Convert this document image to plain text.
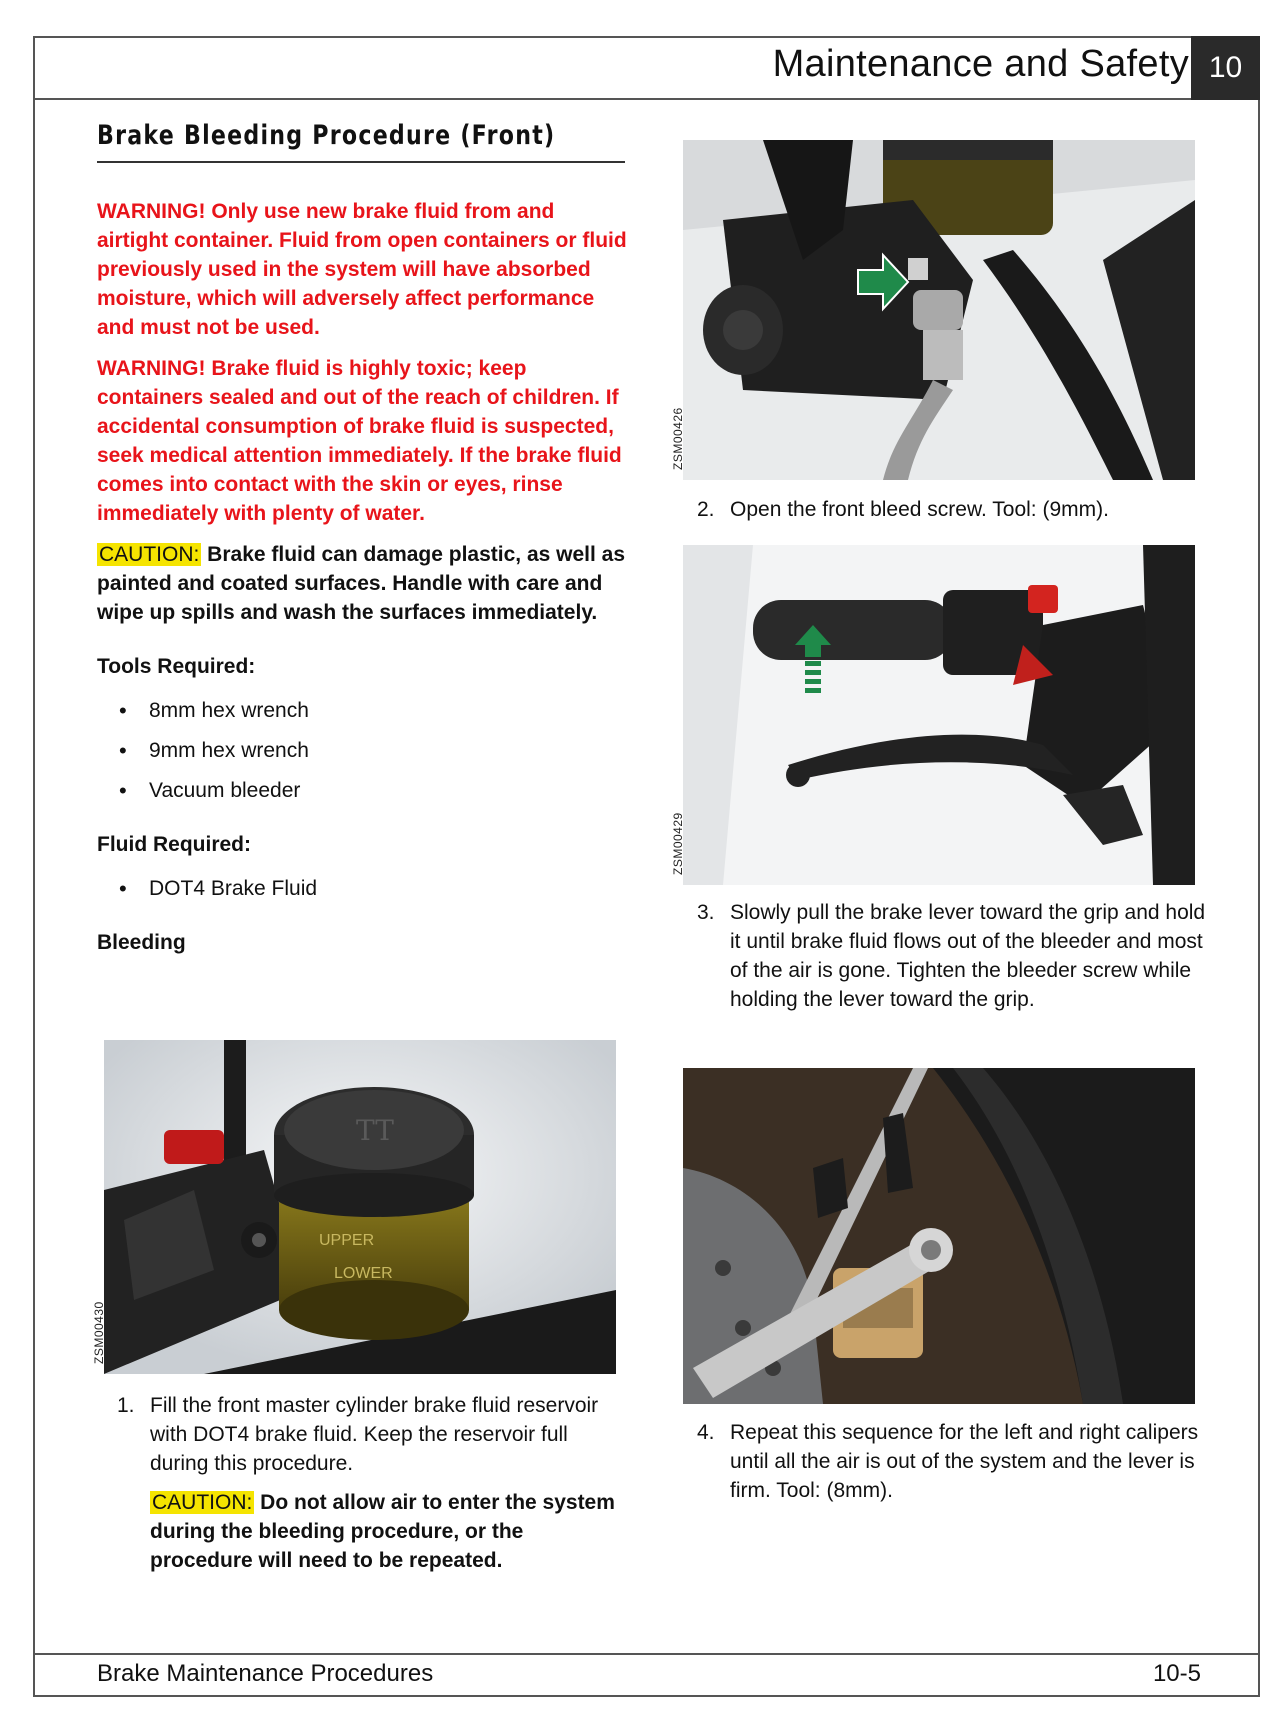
Maintenance and Safety 10
Brake Maintenance Procedures	10-5
Brake Bleeding Procedure (Front)

WARNING! Only use new brake fluid from and airtight container. Fluid from open containers or fluid previously used in the system will have absorbed moisture, which will adversely affect performance and must not be used.

WARNING! Brake fluid is highly toxic; keep containers sealed and out of the reach of children. If accidental consumption of brake fluid is suspected, seek medical attention immediately. If the brake fluid comes into contact with the skin or eyes, rinse immediately with plenty of water.

CAUTION: Brake fluid can damage plastic, as well as painted and coated surfaces. Handle with care and wipe up spills and wash the surfaces immediately.

Tools Required:
• 8mm hex wrench
• 9mm hex wrench
• Vacuum bleeder
Fluid Required:
• DOT4 Brake Fluid
Bleeding
TT
UPPER
LOWER
ZSM00430
1. Fill the front master cylinder brake fluid reservoir with DOT4 brake fluid. Keep the reservoir full during this procedure.
CAUTION: Do not allow air to enter the system during the bleeding procedure, or the procedure will need to be repeated.
ZSM00426
2. Open the front bleed screw. Tool: (9mm).
ZSM00429
3. Slowly pull the brake lever toward the grip and hold it until brake fluid flows out of the bleeder and most of the air is gone. Tighten the bleeder screw while holding the lever toward the grip.
ZSM00431
4. Repeat this sequence for the left and right calipers until all the air is out of the system and the lever is firm. Tool: (8mm).
